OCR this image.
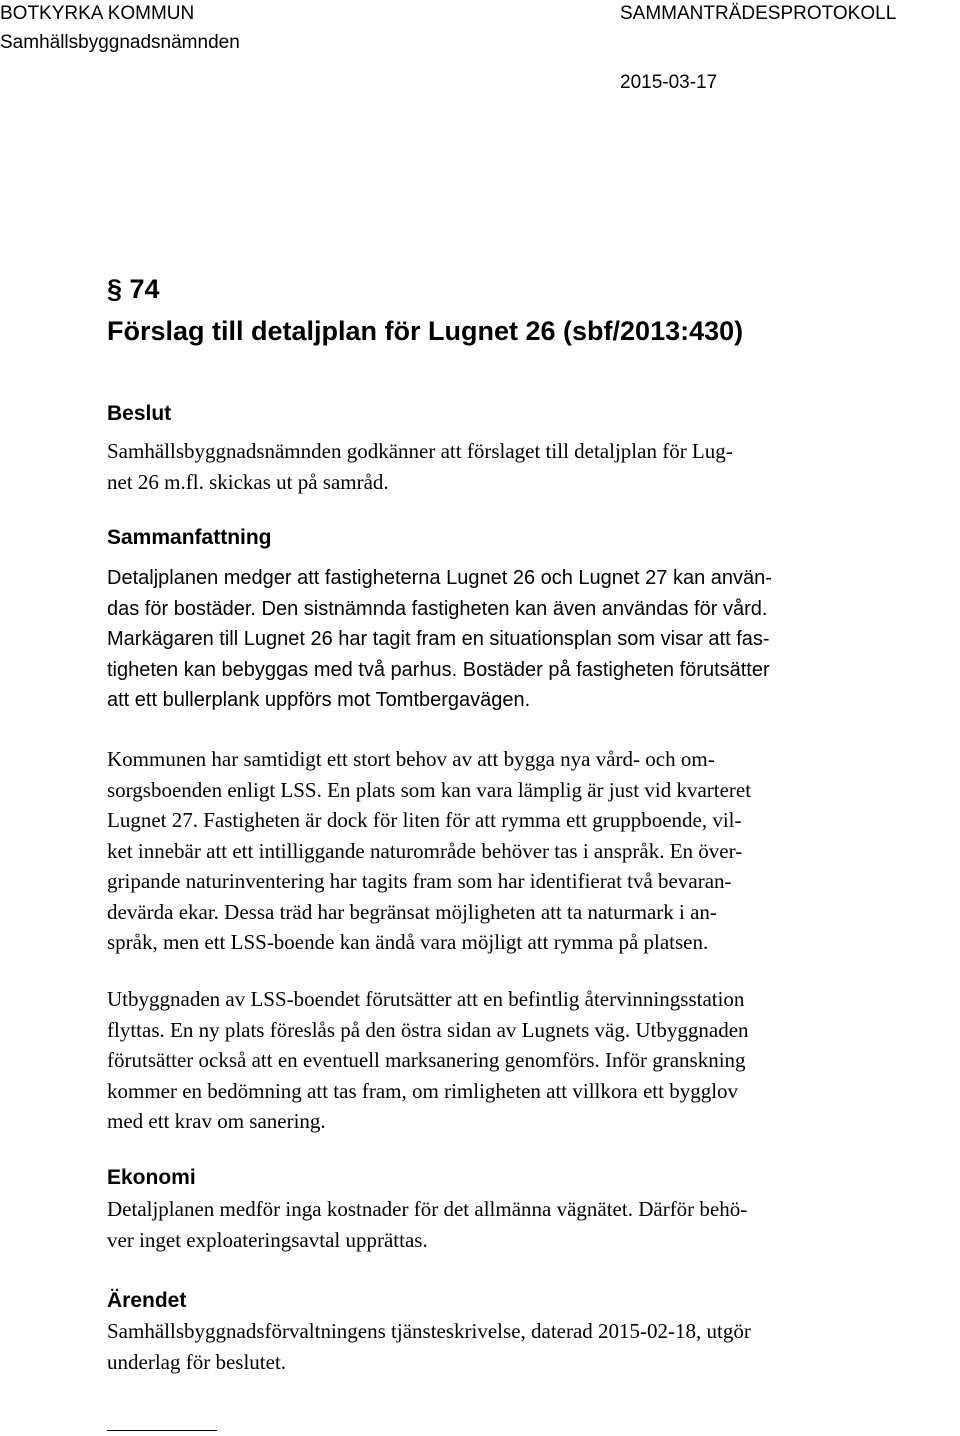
BOTKYRKA KOMMUN
Samhällsbyggnadsnämnden
SAMMANTRÄDESPROTOKOLL
2015-03-17
§ 74
Förslag till detaljplan för Lugnet 26 (sbf/2013:430)
Beslut
Samhällsbyggnadsnämnden godkänner att förslaget till detaljplan för Lug-
net 26 m.fl. skickas ut på samråd.
Sammanfattning
Detaljplanen medger att fastigheterna Lugnet 26 och Lugnet 27 kan använ-
das för bostäder. Den sistnämnda fastigheten kan även användas för vård.
Markägaren till Lugnet 26 har tagit fram en situationsplan som visar att fas-
tigheten kan bebyggas med två parhus. Bostäder på fastigheten förutsätter
att ett bullerplank uppförs mot Tomtbergavägen.
Kommunen har samtidigt ett stort behov av att bygga nya vård- och om-
sorgsboenden enligt LSS. En plats som kan vara lämplig är just vid kvarteret
Lugnet 27. Fastigheten är dock för liten för att rymma ett gruppboende, vil-
ket innebär att ett intilliggande naturområde behöver tas i anspråk. En över-
gripande naturinventering har tagits fram som har identifierat två bevaran-
devärda ekar. Dessa träd har begränsat möjligheten att ta naturmark i an-
språk, men ett LSS-boende kan ändå vara möjligt att rymma på platsen.
Utbyggnaden av LSS-boendet förutsätter att en befintlig återvinningsstation
flyttas. En ny plats föreslås på den östra sidan av Lugnets väg. Utbyggnaden
förutsätter också att en eventuell marksanering genomförs. Inför granskning
kommer en bedömning att tas fram, om rimligheten att villkora ett bygglov
med ett krav om sanering.
Ekonomi
Detaljplanen medför inga kostnader för det allmänna vägnätet. Därför behö-
ver inget exploateringsavtal upprättas.
Ärendet
Samhällsbyggnadsförvaltningens tjänsteskrivelse, daterad 2015-02-18, utgör
underlag för beslutet.
